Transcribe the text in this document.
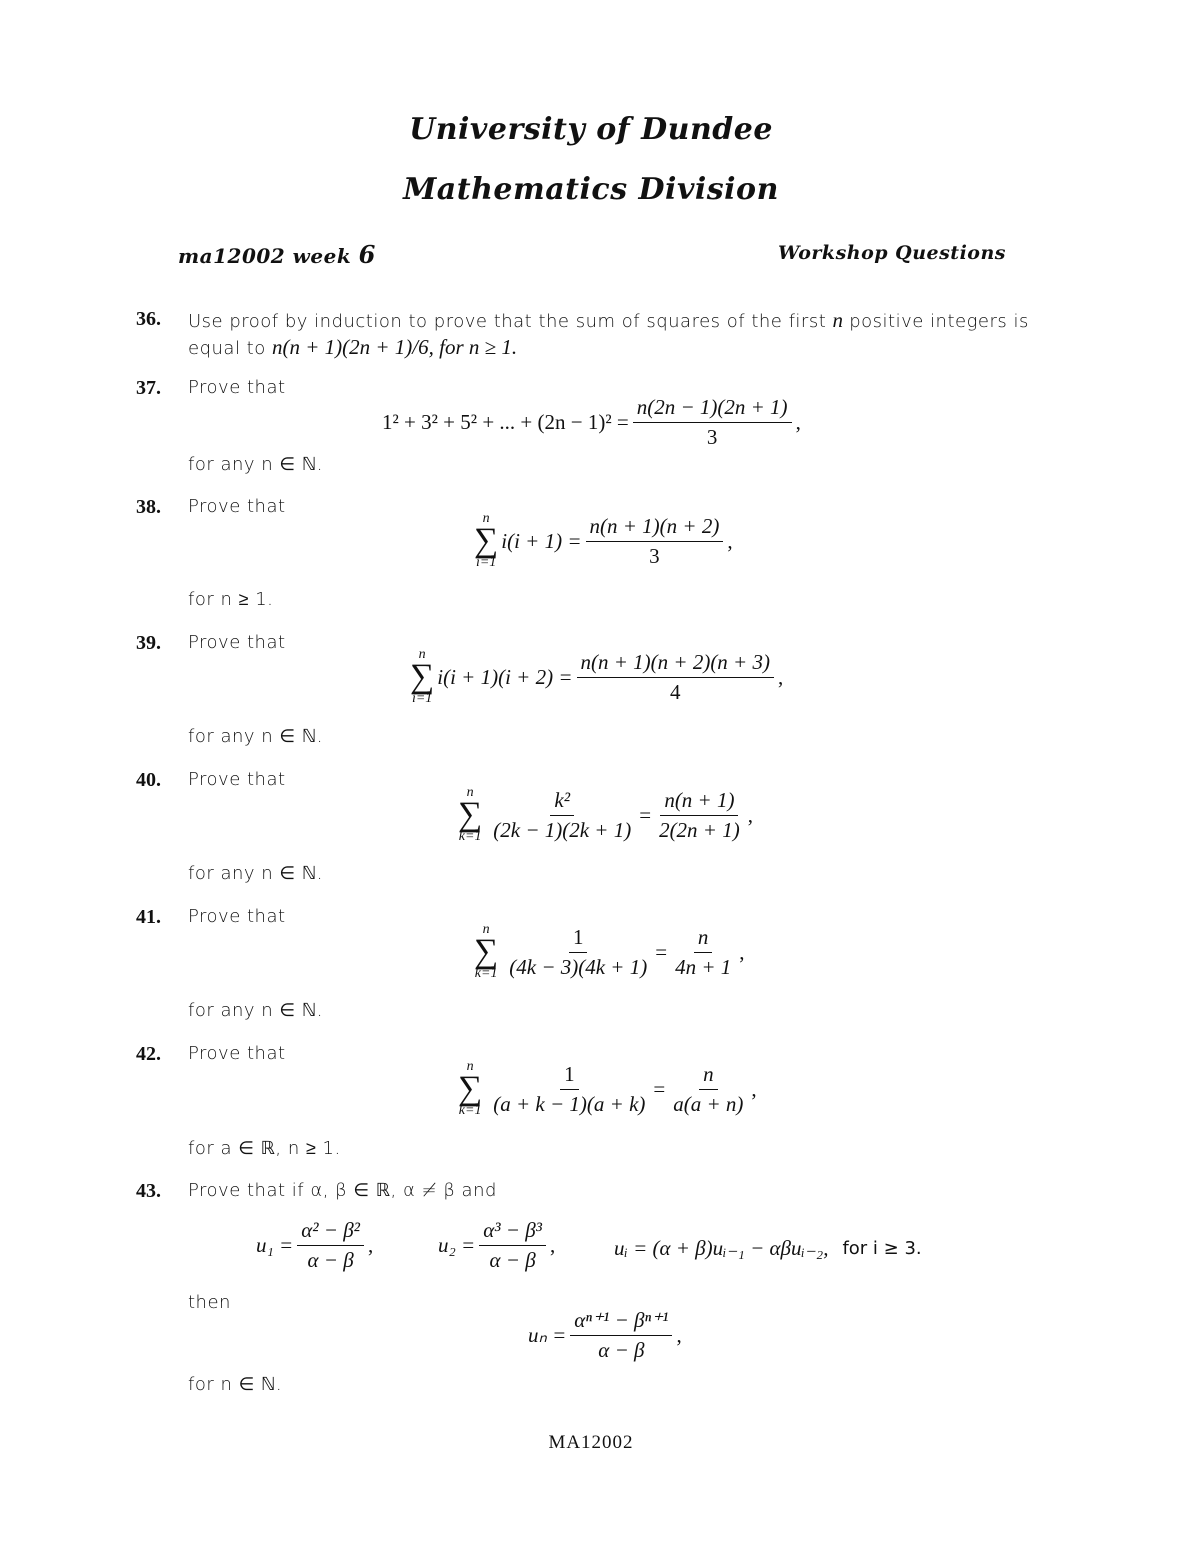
University of Dundee
Mathematics Division
ma12002 week 6	Workshop Questions
36. Use proof by induction to prove that the sum of squares of the first n positive integers is
equal to n(n + 1)(2n + 1)/6, for n ≥ 1.
37. Prove that
1² + 3² + 5² + ... + $(2n - 1)^2 = \frac{n(2n - 1)(2n + 1)}{3}$ ,
for any n ∈ ℕ.
38. Prove that
n
∑
i=1
$i(i + 1) = \frac{n(n + 1)(n + 2)}{3}$ ,
for n ≥ 1.
39. Prove that
n
∑
i=1
$i(i + 1)(i + 2) = \frac{n(n + 1)(n + 2)(n + 3)}{4}$ ,
for any n ∈ ℕ.
40. Prove that
n
∑
$k=1 \frac{\text{k²}}{(2k - 1)(2k + 1)} = \frac{n(n + 1)}{2(2n + 1)}$ ,
for any n ∈ ℕ.
41. Prove that
n
∑
$k=1 \frac{1}{(4k - 3)(4k + 1)} = \frac{n}{4n + 1}$ ,
for any n ∈ ℕ.
42. Prove that
n
∑
$k=1 \frac{1}{(a + k - 1)(a + k)} = \frac{n}{a(a + n)}$ ,
for a ∈ ℝ, n ≥ 1.
43. Prove that if α, β ∈ ℝ, α ≠ β and
$u_1 = \frac{\text{α² − β²}}{\alpha - \beta}$ ,	$u_2 = \frac{\text{α³ − β³}}{\alpha - \beta}$ ,	uᵢ = (α + β)uᵢ₋₁ − αβuᵢ₋₂, for i ≥ 3.
then
$u_n = \frac{\text{αⁿ⁺¹ − βⁿ⁺¹}}{\alpha - \beta}$ ,
for n ∈ ℕ.
MA12002
